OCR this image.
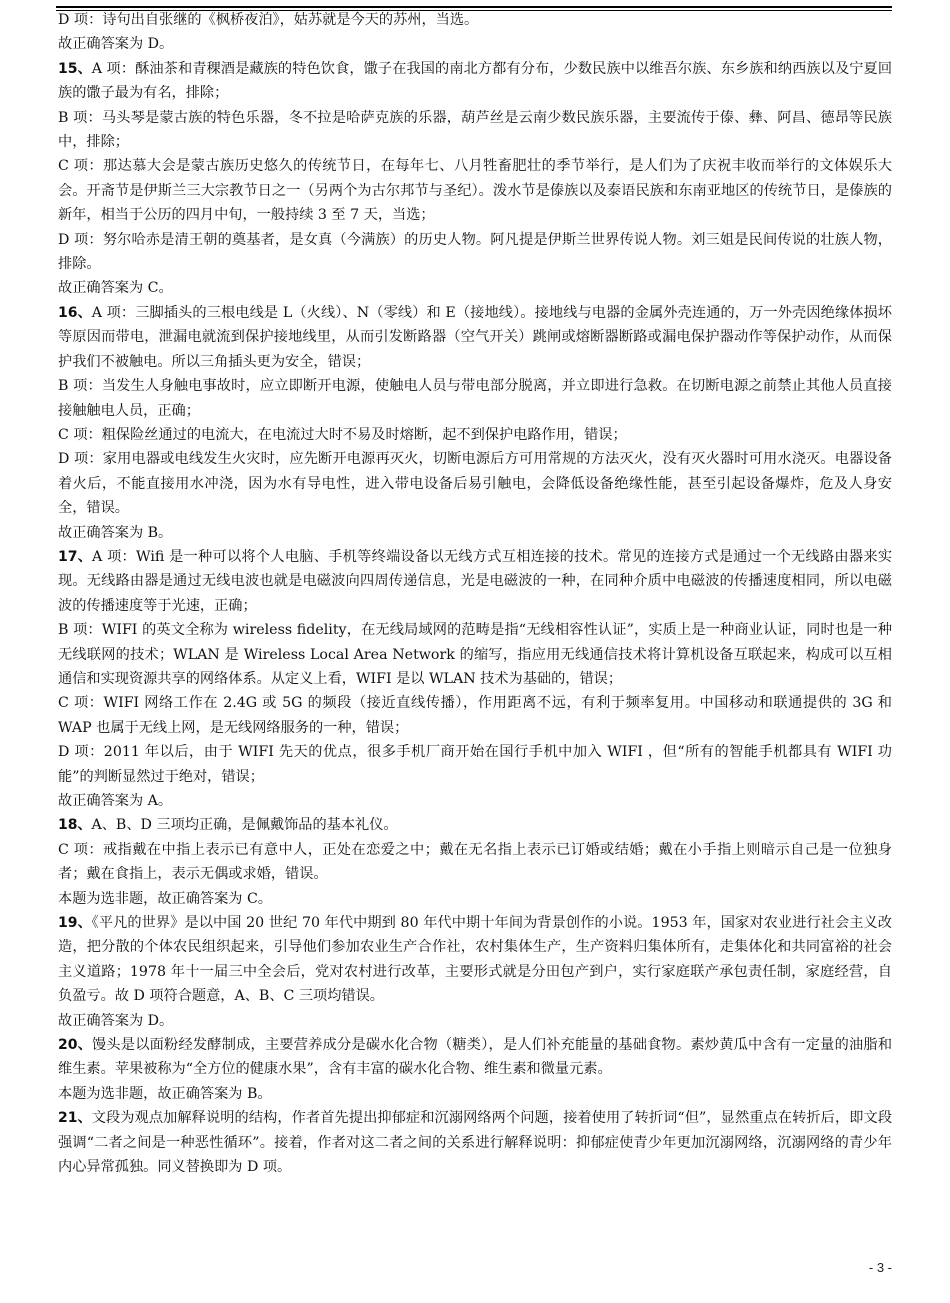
D 项：诗句出自张继的《枫桥夜泊》，姑苏就是今天的苏州，当选。

故正确答案为 D。

15、A 项：酥油茶和青稞酒是藏族的特色饮食，馓子在我国的南北方都有分布，少数民族中以维吾尔族、东乡族和纳西族以及宁夏回族的馓子最为有名，排除；

B 项：马头琴是蒙古族的特色乐器，冬不拉是哈萨克族的乐器，葫芦丝是云南少数民族乐器，主要流传于傣、彝、阿昌、德昂等民族中，排除；

C 项：那达慕大会是蒙古族历史悠久的传统节日，在每年七、八月牲畜肥壮的季节举行，是人们为了庆祝丰收而举行的文体娱乐大会。开斋节是伊斯兰三大宗教节日之一（另两个为古尔邦节与圣纪）。泼水节是傣族以及泰语民族和东南亚地区的传统节日，是傣族的新年，相当于公历的四月中旬，一般持续 3 至 7 天，当选；

D 项：努尔哈赤是清王朝的奠基者，是女真（今满族）的历史人物。阿凡提是伊斯兰世界传说人物。刘三姐是民间传说的壮族人物，排除。

故正确答案为 C。

16、A 项：三脚插头的三根电线是 L（火线）、N（零线）和 E（接地线）。接地线与电器的金属外壳连通的，万一外壳因绝缘体损坏等原因而带电，泄漏电就流到保护接地线里，从而引发断路器（空气开关）跳闸或熔断器断路或漏电保护器动作等保护动作，从而保护我们不被触电。所以三角插头更为安全，错误；

B 项：当发生人身触电事故时，应立即断开电源，使触电人员与带电部分脱离，并立即进行急救。在切断电源之前禁止其他人员直接接触触电人员，正确；

C 项：粗保险丝通过的电流大，在电流过大时不易及时熔断，起不到保护电路作用，错误；

D 项：家用电器或电线发生火灾时，应先断开电源再灭火，切断电源后方可用常规的方法灭火，没有灭火器时可用水浇灭。电器设备着火后，不能直接用水冲浇，因为水有导电性，进入带电设备后易引触电，会降低设备绝缘性能，甚至引起设备爆炸，危及人身安全，错误。

故正确答案为 B。

17、A 项：Wifi 是一种可以将个人电脑、手机等终端设备以无线方式互相连接的技术。常见的连接方式是通过一个无线路由器来实现。无线路由器是通过无线电波也就是电磁波向四周传递信息，光是电磁波的一种，在同种介质中电磁波的传播速度相同，所以电磁波的传播速度等于光速，正确；

B 项：WIFI 的英文全称为 wireless fidelity，在无线局域网的范畴是指“无线相容性认证”，实质上是一种商业认证，同时也是一种无线联网的技术；WLAN 是 Wireless Local Area Network 的缩写，指应用无线通信技术将计算机设备互联起来，构成可以互相通信和实现资源共享的网络体系。从定义上看，WIFI 是以 WLAN 技术为基础的，错误；

C 项：WIFI 网络工作在 2.4G 或 5G 的频段（接近直线传播），作用距离不远，有利于频率复用。中国移动和联通提供的 3G 和 WAP 也属于无线上网，是无线网络服务的一种，错误；

D 项：2011 年以后，由于 WIFI 先天的优点，很多手机厂商开始在国行手机中加入 WIFI ，但“所有的智能手机都具有 WIFI 功能”的判断显然过于绝对，错误；

故正确答案为 A。

18、A、B、D 三项均正确，是佩戴饰品的基本礼仪。

C 项：戒指戴在中指上表示已有意中人，正处在恋爱之中；戴在无名指上表示已订婚或结婚；戴在小手指上则暗示自己是一位独身者；戴在食指上，表示无偶或求婚，错误。

本题为选非题，故正确答案为 C。

19、《平凡的世界》是以中国 20 世纪 70 年代中期到 80 年代中期十年间为背景创作的小说。1953 年，国家对农业进行社会主义改造，把分散的个体农民组织起来，引导他们参加农业生产合作社，农村集体生产，生产资料归集体所有，走集体化和共同富裕的社会主义道路；1978 年十一届三中全会后，党对农村进行改革，主要形式就是分田包产到户，实行家庭联产承包责任制，家庭经营，自负盈亏。故 D 项符合题意，A、B、C 三项均错误。

故正确答案为 D。

20、馒头是以面粉经发酵制成，主要营养成分是碳水化合物（糖类），是人们补充能量的基础食物。素炒黄瓜中含有一定量的油脂和维生素。苹果被称为“全方位的健康水果”，含有丰富的碳水化合物、维生素和微量元素。

本题为选非题，故正确答案为 B。

21、文段为观点加解释说明的结构，作者首先提出抑郁症和沉溺网络两个问题，接着使用了转折词“但”，显然重点在转折后，即文段强调“二者之间是一种恶性循环”。接着，作者对这二者之间的关系进行解释说明：抑郁症使青少年更加沉溺网络，沉溺网络的青少年内心异常孤独。同义替换即为 D 项。

- 3 -
